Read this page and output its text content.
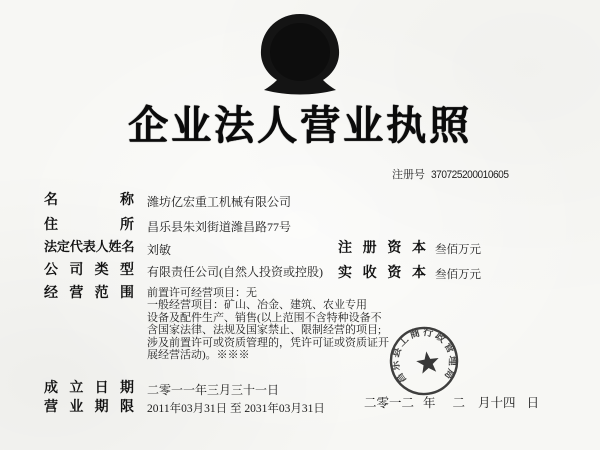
企业法人营业执照
注册号 370725200010605
名	称 潍坊亿宏重工机械有限公司
住	所 昌乐县朱刘街道潍昌路77号
法 定 代 表 人 姓 名 刘敏
公 司 类 型 有限责任公司(自然人投资或控股)
经 营 范 围 前置许可经营项目：无
一般经营项目：矿山、冶金、建筑、农业专用
设备及配件生产、销售(以上范围不含特种设备不
含国家法律、法规及国家禁止、限制经营的项目;
涉及前置许可或资质管理的，凭许可证或资质证开
展经营活动)。※※※
注 册 资 本 叁佰万元
实 收 资 本 叁佰万元
成 立 日 期 二零一一年三月三十一日
营 业 期 限 2011年03月31日 至 2031年03月31日
昌乐县工商行政管理局
二零一二 年 二 月十四 日
